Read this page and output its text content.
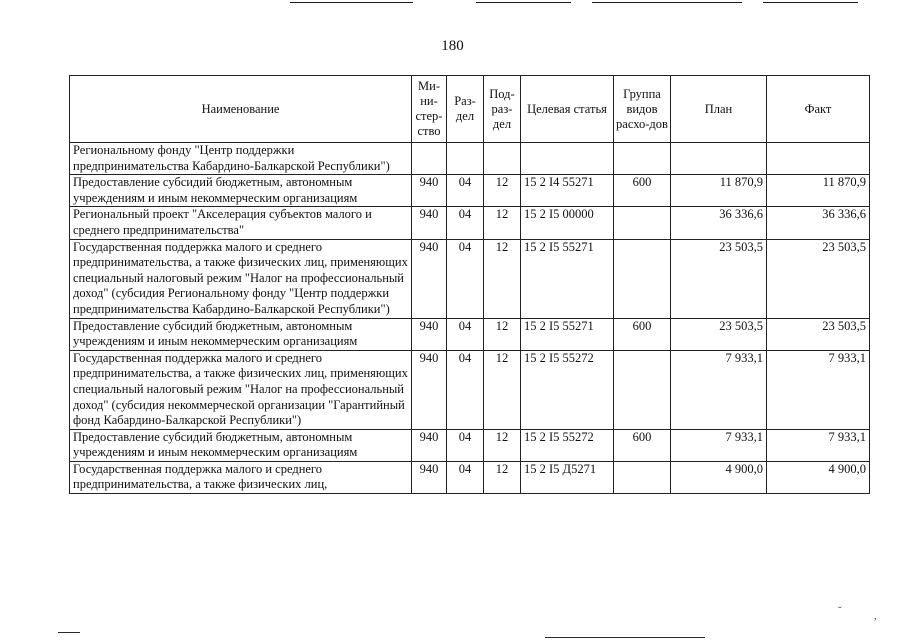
180
Наименование	Ми-ни-стер-ство	Раз-дел	Под-раз-дел	Целевая статья	Группа видов расхо-дов	План	Факт
Региональному фонду "Центр поддержки предпринимательства Кабардино-Балкарской Республики")							
Предоставление субсидий бюджетным, автономным учреждениям и иным некоммерческим организациям	940	04	12	15 2 I4 55271	600	11 870,9	11 870,9
Региональный проект "Акселерация субъектов малого и среднего предпринимательства"	940	04	12	15 2 I5 00000		36 336,6	36 336,6
Государственная поддержка малого и среднего предпринимательства, а также физических лиц, применяющих специальный налоговый режим "Налог на профессиональный доход" (субсидия Региональному фонду "Центр поддержки предпринимательства Кабардино-Балкарской Республики")	940	04	12	15 2 I5 55271		23 503,5	23 503,5
Предоставление субсидий бюджетным, автономным учреждениям и иным некоммерческим организациям	940	04	12	15 2 I5 55271	600	23 503,5	23 503,5
Государственная поддержка малого и среднего предпринимательства, а также физических лиц, применяющих специальный налоговый режим "Налог на профессиональный доход" (субсидия некоммерческой организации "Гарантийный фонд Кабардино-Балкарской Республики")	940	04	12	15 2 I5 55272		7 933,1	7 933,1
Предоставление субсидий бюджетным, автономным учреждениям и иным некоммерческим организациям	940	04	12	15 2 I5 55272	600	7 933,1	7 933,1
Государственная поддержка малого и среднего предпринимательства, а также физических лиц,	940	04	12	15 2 I5 Д5271		4 900,0	4 900,0
˘	,
